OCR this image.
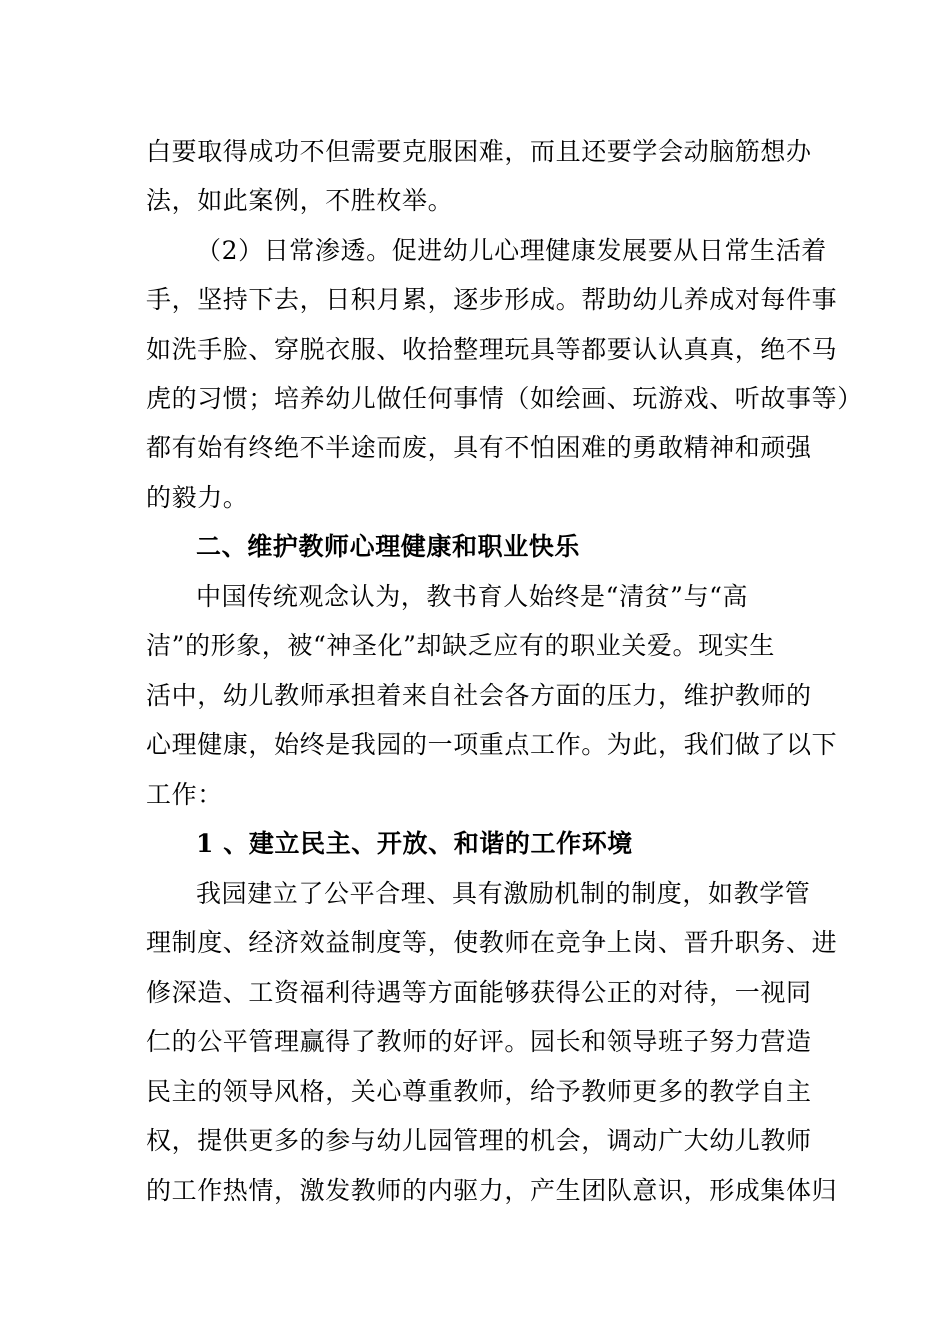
白要取得成功不但需要克服困难，而且还要学会动脑筋想办
法，如此案例，不胜枚举。
（2）日常渗透。促进幼儿心理健康发展要从日常生活着
手，坚持下去，日积月累，逐步形成。帮助幼儿养成对每件事
如洗手脸、穿脱衣服、收拾整理玩具等都要认认真真，绝不马
虎的习惯；培养幼儿做任何事情（如绘画、玩游戏、听故事等）
都有始有终绝不半途而废，具有不怕困难的勇敢精神和顽强
的毅力。
二、维护教师心理健康和职业快乐
中国传统观念认为，教书育人始终是“清贫”与“高
洁”的形象，被“神圣化”却缺乏应有的职业关爱。现实生
活中，幼儿教师承担着来自社会各方面的压力，维护教师的
心理健康，始终是我园的一项重点工作。为此，我们做了以下
工作：
1 、建立民主、开放、和谐的工作环境
我园建立了公平合理、具有激励机制的制度，如教学管
理制度、经济效益制度等，使教师在竞争上岗、晋升职务、进
修深造、工资福利待遇等方面能够获得公正的对待，一视同
仁的公平管理赢得了教师的好评。园长和领导班子努力营造
民主的领导风格，关心尊重教师，给予教师更多的教学自主
权，提供更多的参与幼儿园管理的机会，调动广大幼儿教师
的工作热情，激发教师的内驱力，产生团队意识，形成集体归
